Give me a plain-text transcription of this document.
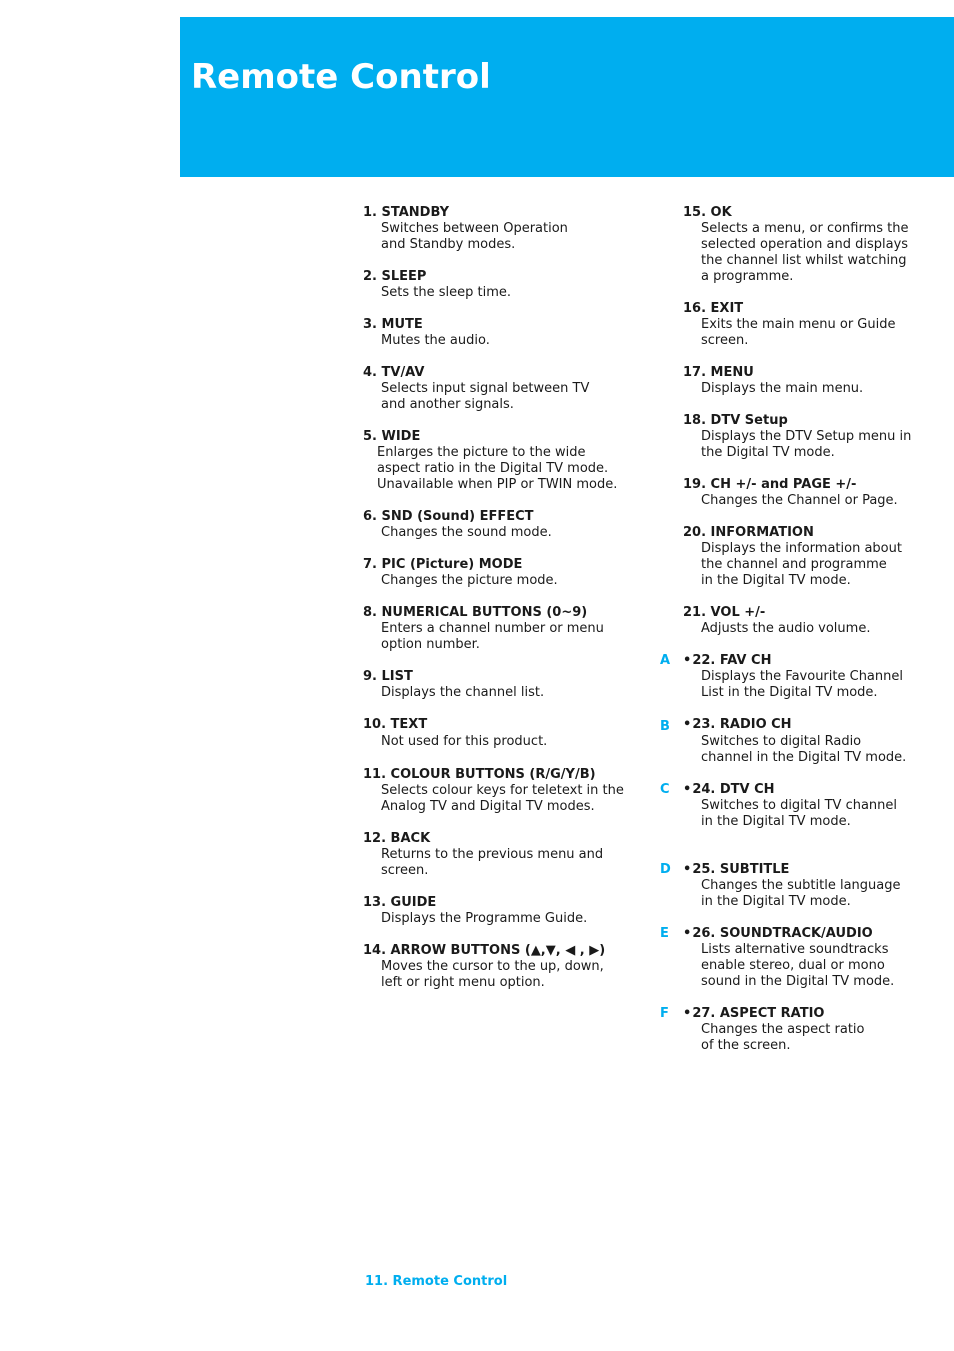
Remote Control
1. STANDBY
Switches between Operation
and Standby modes.
2. SLEEP
Sets the sleep time.
3. MUTE
Mutes the audio.
4. TV/AV
Selects input signal between TV
and another signals.
5. WIDE
Enlarges the picture to the wide
aspect ratio in the Digital TV mode.
Unavailable when PIP or TWIN mode.
6. SND (Sound) EFFECT
Changes the sound mode.
7. PIC (Picture) MODE
Changes the picture mode.
8. NUMERICAL BUTTONS (0~9)
Enters a channel number or menu
option number.
9. LIST
Displays the channel list.
10. TEXT
Not used for this product.
11. COLOUR BUTTONS (R/G/Y/B)
Selects colour keys for teletext in the
Analog TV and Digital TV modes.
12. BACK
Returns to the previous menu and
screen.
13. GUIDE
Displays the Programme Guide.
14. ARROW BUTTONS (▲,▼, ◀ , ▶)
Moves the cursor to the up, down,
left or right menu option.
15. OK
Selects a menu, or confirms the
selected operation and displays
the channel list whilst watching
a programme.
16. EXIT
Exits the main menu or Guide
screen.
17. MENU
Displays the main menu.
18. DTV Setup
Displays the DTV Setup menu in
the Digital TV mode.
19. CH +/- and PAGE +/-
Changes the Channel or Page.
20. INFORMATION
Displays the information about
the channel and programme
in the Digital TV mode.
21. VOL +/-
Adjusts the audio volume.
A •22. FAV CH
Displays the Favourite Channel
List in the Digital TV mode.
B •23. RADIO CH
Switches to digital Radio
channel in the Digital TV mode.
C •24. DTV CH
Switches to digital TV channel
in the Digital TV mode.
D •25. SUBTITLE
Changes the subtitle language
in the Digital TV mode.
E •26. SOUNDTRACK/AUDIO
Lists alternative soundtracks
enable stereo, dual or mono
sound in the Digital TV mode.
F •27. ASPECT RATIO
Changes the aspect ratio
of the screen.
11. Remote Control
